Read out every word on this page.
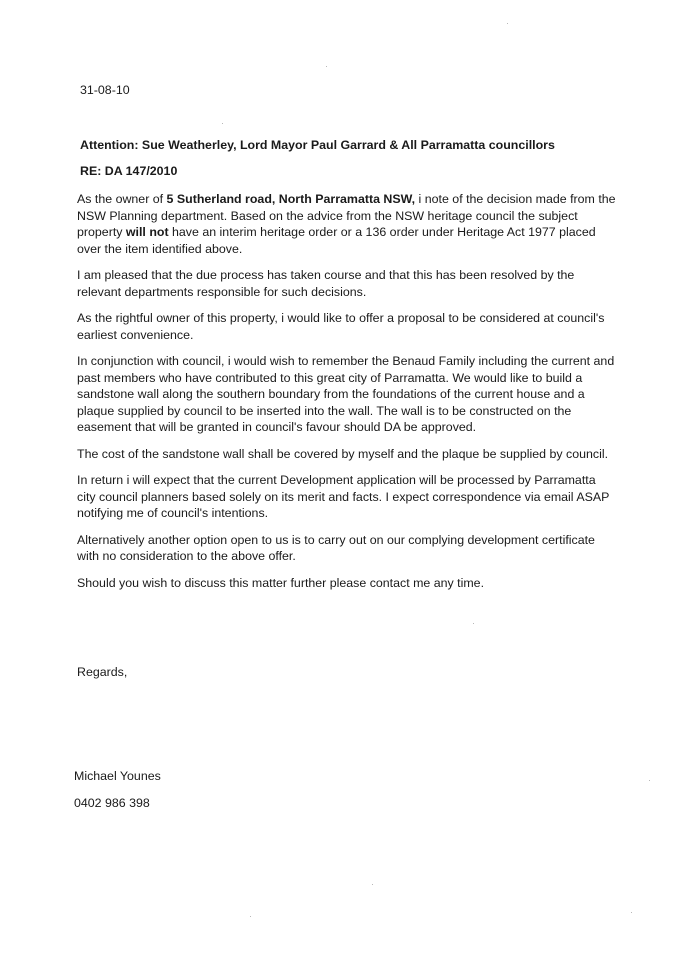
31-08-10
Attention: Sue Weatherley, Lord Mayor Paul Garrard & All Parramatta councillors
RE: DA 147/2010

As the owner of 5 Sutherland road, North Parramatta NSW, i note of the decision made from the NSW Planning department. Based on the advice from the NSW heritage council the subject property will not have an interim heritage order or a 136 order under Heritage Act 1977 placed over the item identified above.

I am pleased that the due process has taken course and that this has been resolved by the relevant departments responsible for such decisions.

As the rightful owner of this property, i would like to offer a proposal to be considered at council's earliest convenience.

In conjunction with council, i would wish to remember the Benaud Family including the current and past members who have contributed to this great city of Parramatta. We would like to build a sandstone wall along the southern boundary from the foundations of the current house and a plaque supplied by council to be inserted into the wall. The wall is to be constructed on the easement that will be granted in council's favour should DA be approved.

The cost of the sandstone wall shall be covered by myself and the plaque be supplied by council.

In return i will expect that the current Development application will be processed by Parramatta city council planners based solely on its merit and facts. I expect correspondence via email ASAP notifying me of council's intentions.

Alternatively another option open to us is to carry out on our complying development certificate with no consideration to the above offer.

Should you wish to discuss this matter further please contact me any time.

Regards,
Michael Younes
0402 986 398
